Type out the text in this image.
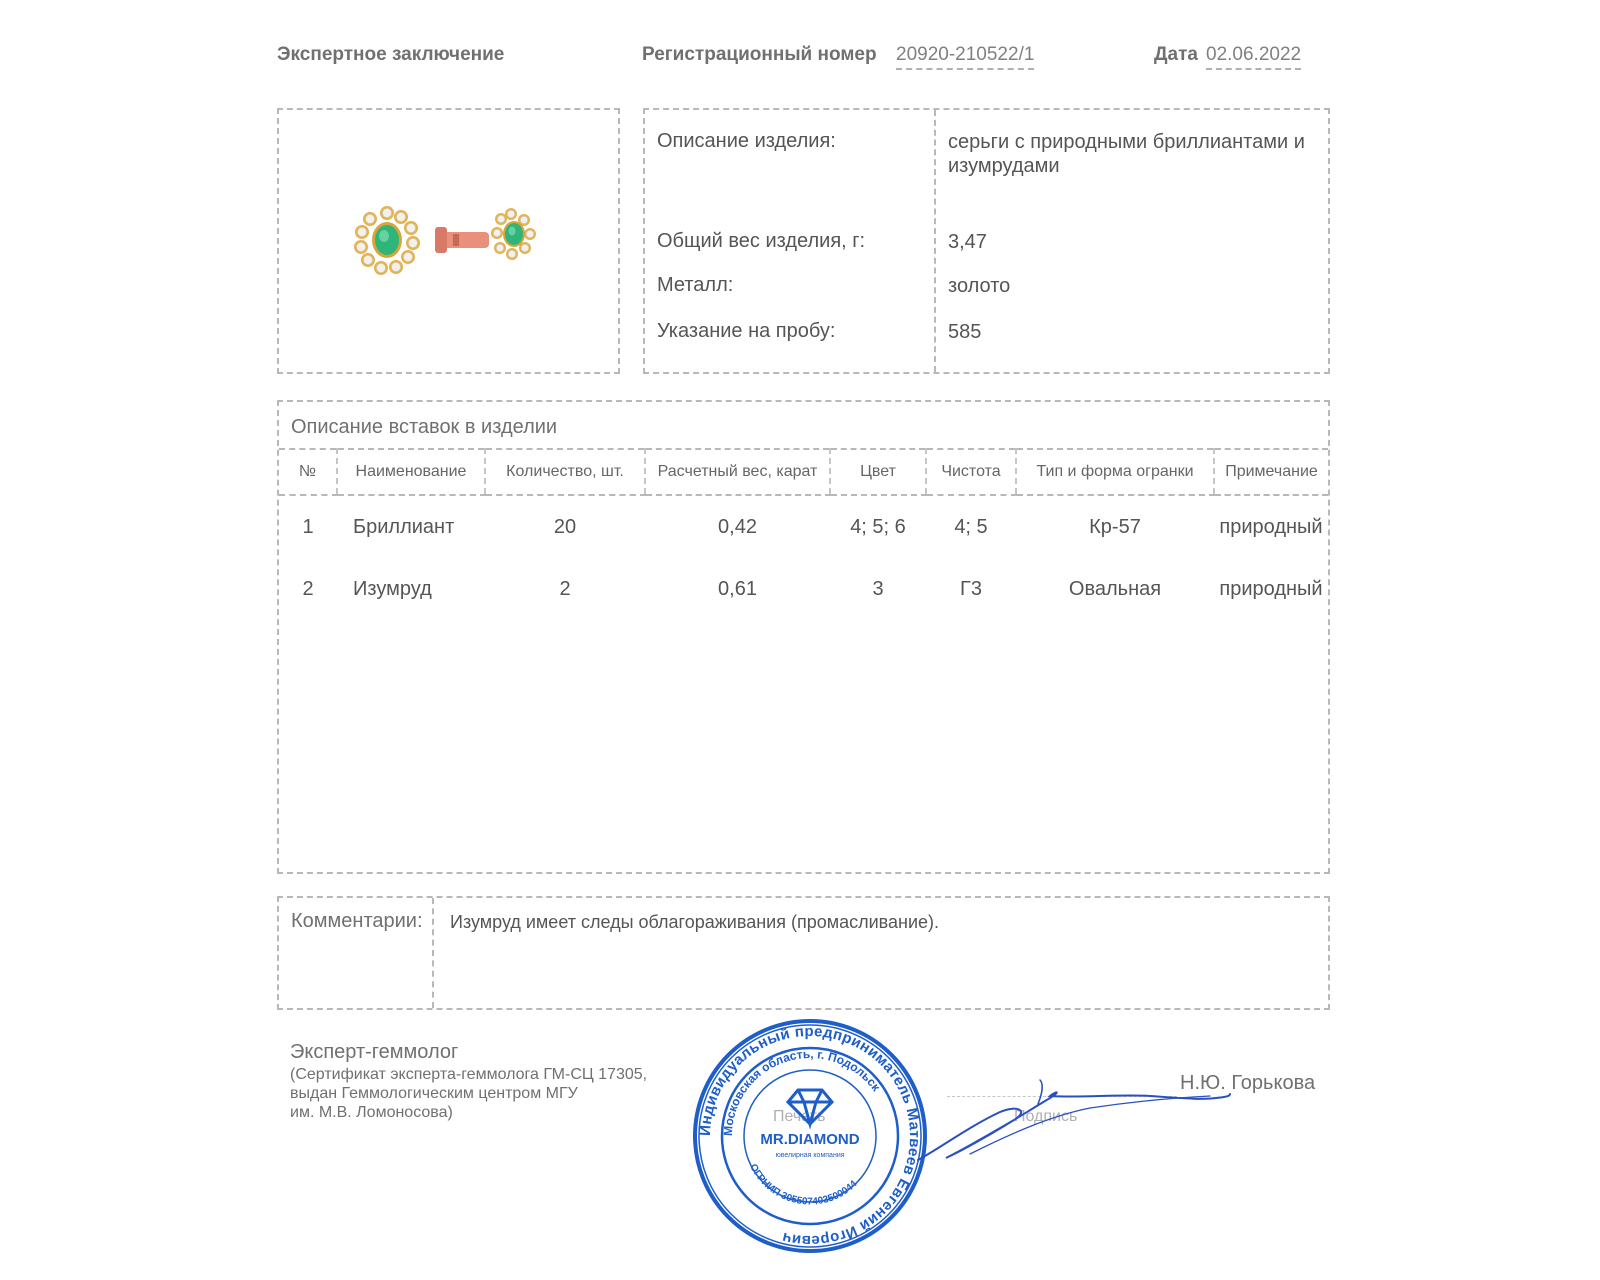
Экспертное заключение	Регистрационный номер 20920-210522/1	Дата 02.06.2022
Описание изделия:	серьги с природными бриллиантами и изумрудами
Общий вес изделия, г:	3,47
Металл:	золото
Указание на пробу:	585
Описание вставок в изделии
№	Наименование	Количество, шт.	Расчетный вес, карат	Цвет	Чистота	Тип и форма огранки	Примечание
1	Бриллиант	20	0,42	4; 5; 6	4; 5	Кр-57	природный
2	Изумруд	2	0,61	3	Г3	Овальная	природный
Комментарии: Изумруд имеет следы облагораживания (промасливание).
Эксперт-геммолог
(Сертификат эксперта-геммолога ГМ-СЦ 17305,
выдан Геммологическим центром МГУ
им. М.В. Ломоносова)	Печать	Подпись
Н.Ю. Горькова
Индивидуальный предприниматель Матвеев Евгений Игоревич
Московская область, г. Подольск
ОГРНИП 305507403500044
MR.DIAMOND
ювелирная компания
